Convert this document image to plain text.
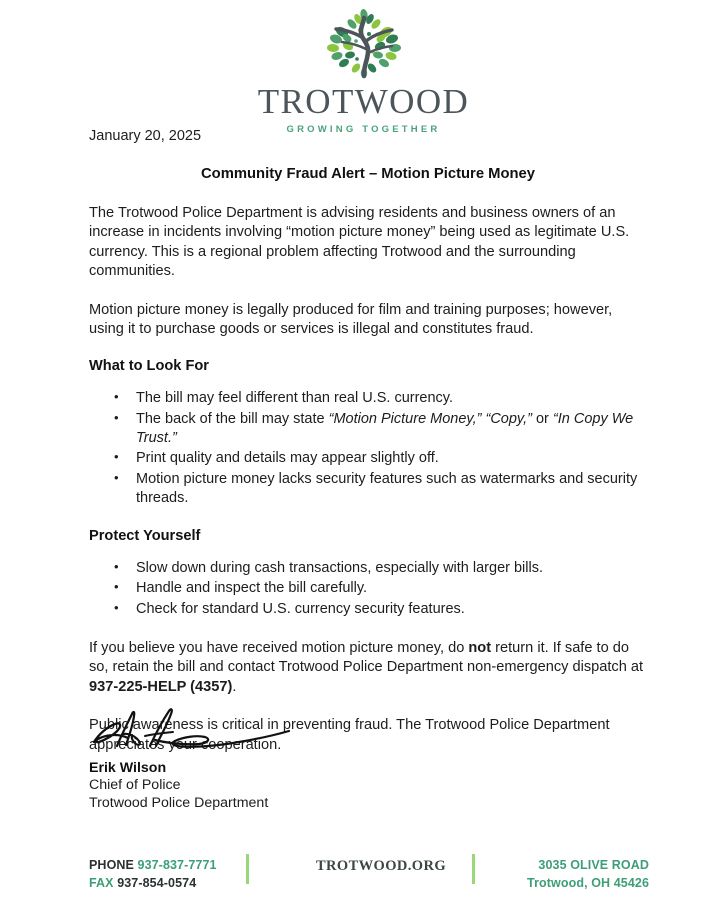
TROTWOOD
GROWING TOGETHER
January 20, 2025
Community Fraud Alert – Motion Picture Money

The Trotwood Police Department is advising residents and business owners of an increase in incidents involving “motion picture money” being used as legitimate U.S. currency. This is a regional problem affecting Trotwood and the surrounding communities.

Motion picture money is legally produced for film and training purposes; however, using it to purchase goods or services is illegal and constitutes fraud.

What to Look For
• The bill may feel different than real U.S. currency.
• The back of the bill may state “Motion Picture Money,” “Copy,” or “In Copy We Trust.”
• Print quality and details may appear slightly off.
• Motion picture money lacks security features such as watermarks and security threads.
Protect Yourself
• Slow down during cash transactions, especially with larger bills.
• Handle and inspect the bill carefully.
• Check for standard U.S. currency security features.

If you believe you have received motion picture money, do not return it. If safe to do so, retain the bill and contact Trotwood Police Department non-emergency dispatch at 937-225-HELP (4357).

Public awareness is critical in preventing fraud. The Trotwood Police Department appreciates your cooperation.

Erik Wilson
Chief of Police
Trotwood Police Department
PHONE 937-837-7771
FAX 937-854-0574
TROTWOOD.ORG	3035 OLIVE ROAD
Trotwood, OH 45426
